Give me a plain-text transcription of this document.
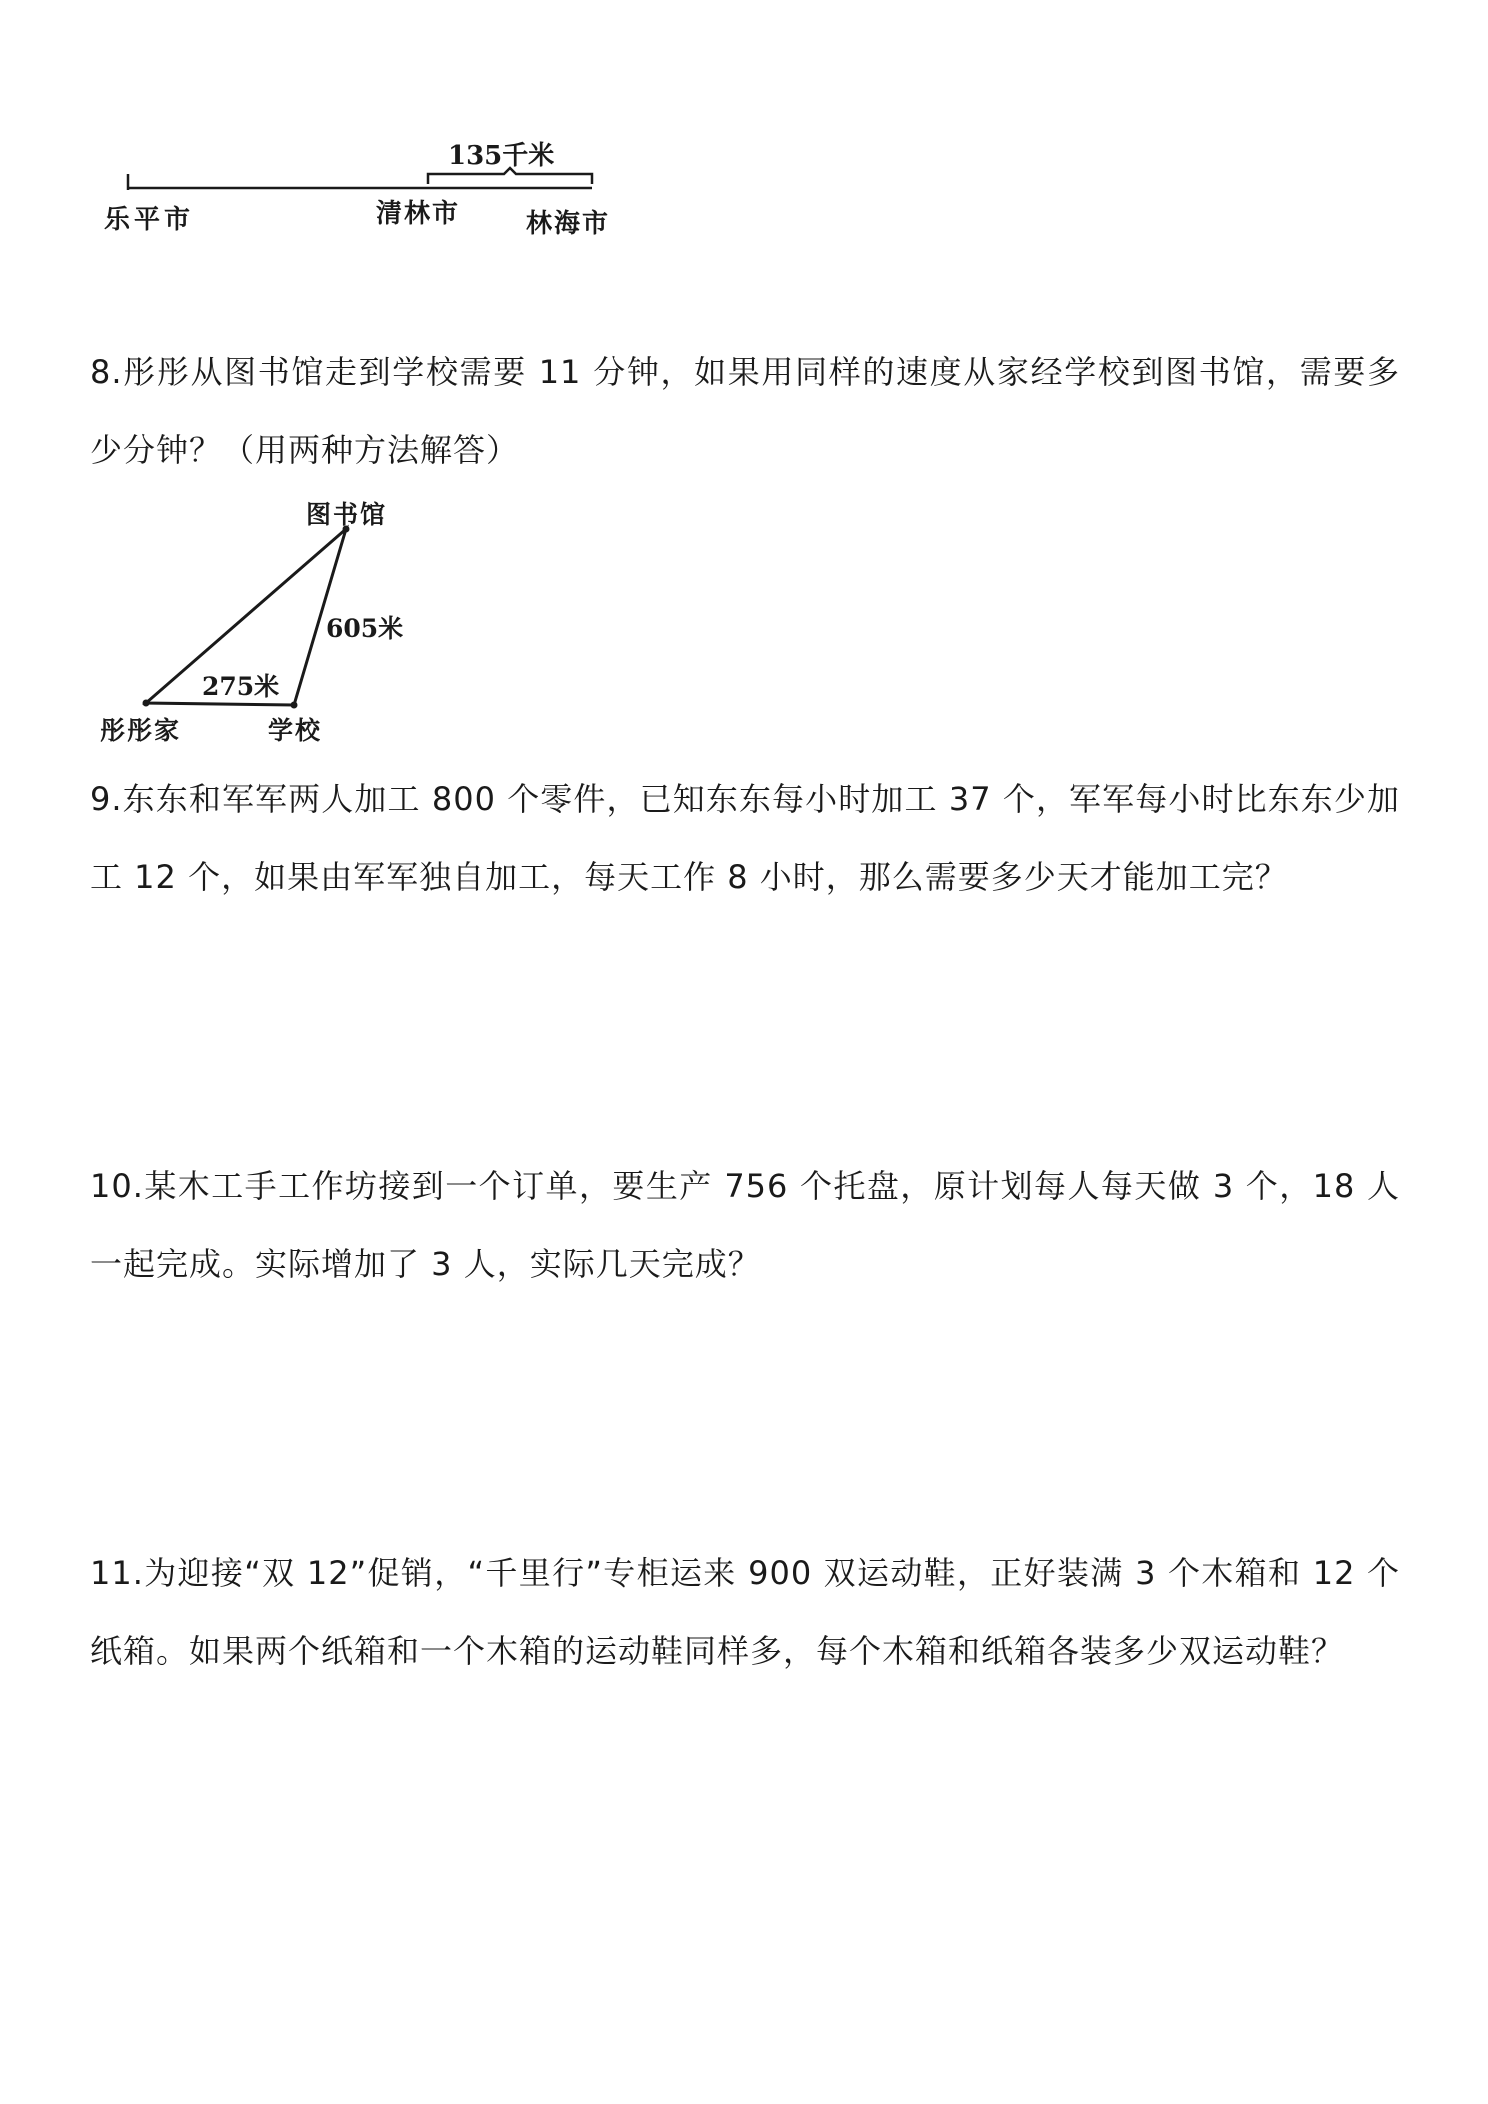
135千米
乐平市	清林市	林海市

8.彤彤从图书馆走到学校需要 11 分钟，如果用同样的速度从家经学校到图书馆，需要多少分钟？（用两种方法解答）

图书馆
605米
275米
彤彤家	学校

9.东东和军军两人加工 800 个零件，已知东东每小时加工 37 个，军军每小时比东东少加工 12 个，如果由军军独自加工，每天工作 8 小时，那么需要多少天才能加工完？

10.某木工手工作坊接到一个订单，要生产 756 个托盘，原计划每人每天做 3 个，18 人一起完成。实际增加了 3 人，实际几天完成？

11.为迎接“双 12”促销，“千里行”专柜运来 900 双运动鞋，正好装满 3 个木箱和 12 个纸箱。如果两个纸箱和一个木箱的运动鞋同样多，每个木箱和纸箱各装多少双运动鞋？
